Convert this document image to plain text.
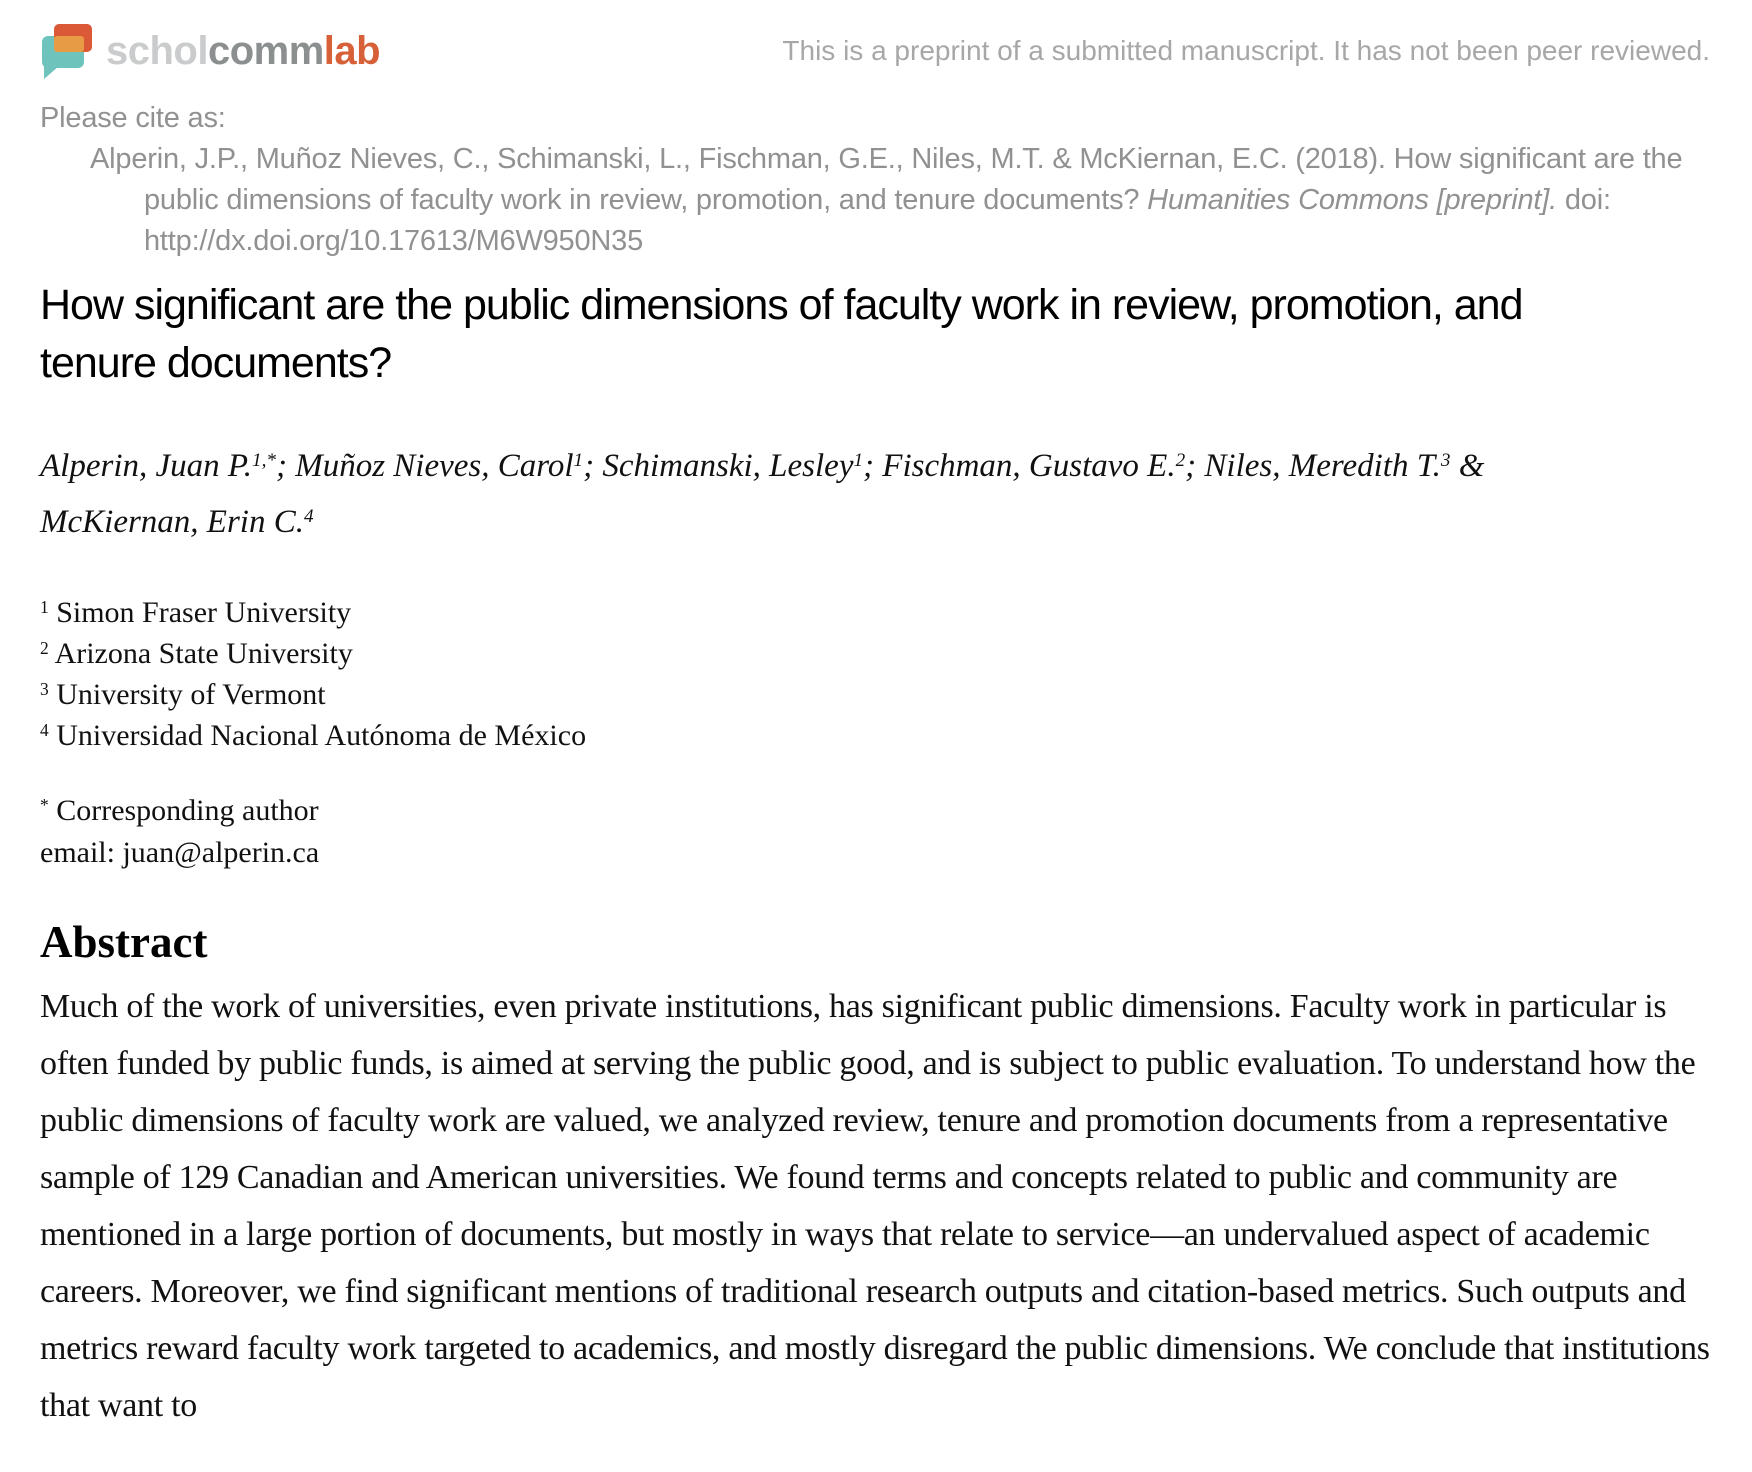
scholcommlab	This is a preprint of a submitted manuscript. It has not been peer reviewed.
Please cite as:

Alperin, J.P., Muñoz Nieves, C., Schimanski, L., Fischman, G.E., Niles, M.T. & McKiernan, E.C. (2018). How significant are the public dimensions of faculty work in review, promotion, and tenure documents? Humanities Commons [preprint]. doi: http://dx.doi.org/10.17613/M6W950N35

How significant are the public dimensions of faculty work in review, promotion, and tenure documents?
Alperin, Juan P.$^{1,*}$; Muñoz Nieves, Carol$^1$; Schimanski, Lesley$^1$; Fischman, Gustavo E.$^2$; Niles, Meredith T.$^3$ &
McKiernan, Erin C.$^4$
$^1$ Simon Fraser University
$^2$ Arizona State University
$^3$ University of Vermont
$^4$ Universidad Nacional Autónoma de México
* Corresponding author
email: juan@alperin.ca
Abstract

Much of the work of universities, even private institutions, has significant public dimensions. Faculty work in particular is often funded by public funds, is aimed at serving the public good, and is subject to public evaluation. To understand how the public dimensions of faculty work are valued, we analyzed review, tenure and promotion documents from a representative sample of 129 Canadian and American universities. We found terms and concepts related to public and community are mentioned in a large portion of documents, but mostly in ways that relate to service—an undervalued aspect of academic careers. Moreover, we find significant mentions of traditional research outputs and citation-based metrics. Such outputs and metrics reward faculty work targeted to academics, and mostly disregard the public dimensions. We conclude that institutions that want to
